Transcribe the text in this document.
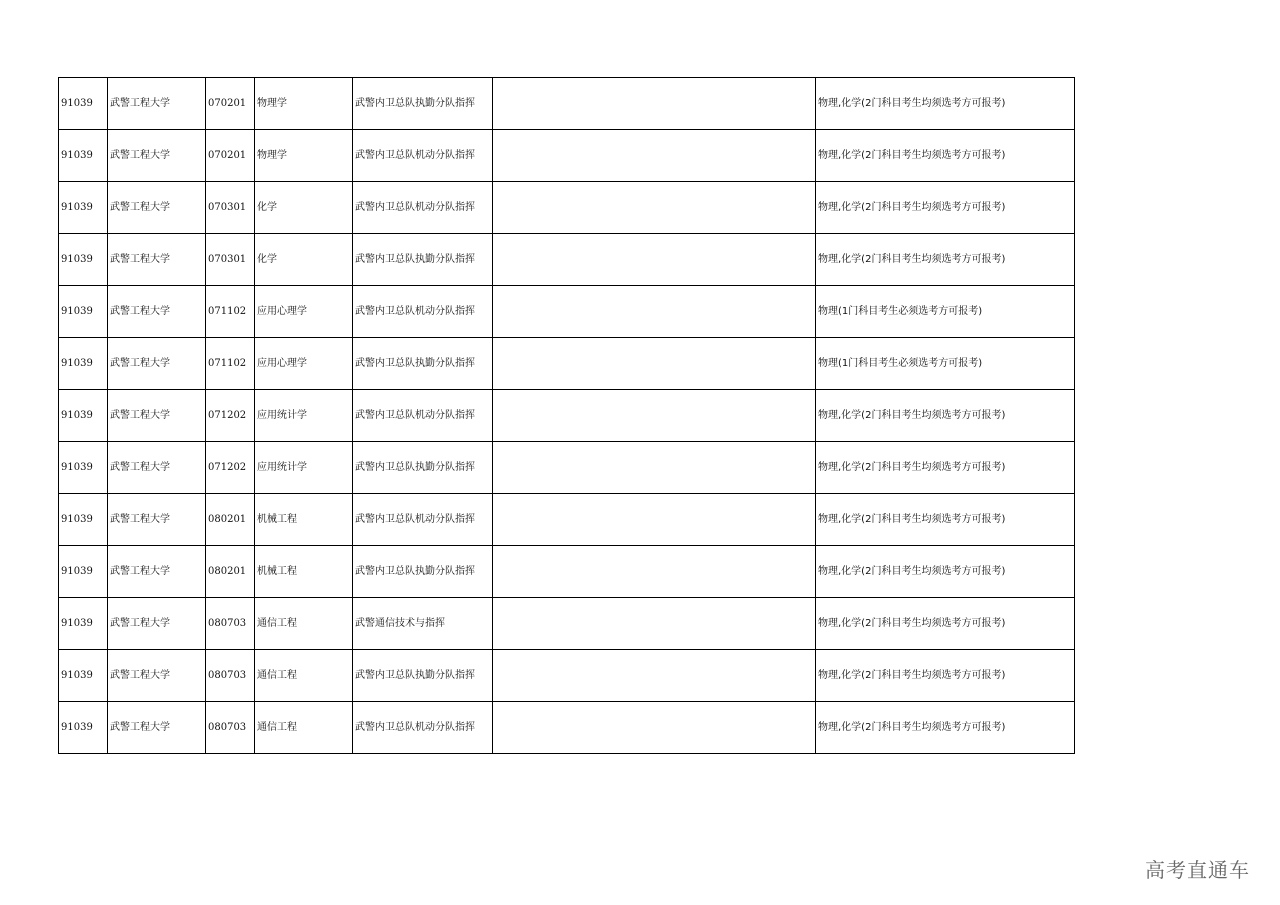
91039	武警工程大学	070201	物理学	武警内卫总队执勤分队指挥		物理,化学(2门科目考生均须选考方可报考)
91039	武警工程大学	070201	物理学	武警内卫总队机动分队指挥		物理,化学(2门科目考生均须选考方可报考)
91039	武警工程大学	070301	化学	武警内卫总队机动分队指挥		物理,化学(2门科目考生均须选考方可报考)
91039	武警工程大学	070301	化学	武警内卫总队执勤分队指挥		物理,化学(2门科目考生均须选考方可报考)
91039	武警工程大学	071102	应用心理学	武警内卫总队机动分队指挥		物理(1门科目考生必须选考方可报考)
91039	武警工程大学	071102	应用心理学	武警内卫总队执勤分队指挥		物理(1门科目考生必须选考方可报考)
91039	武警工程大学	071202	应用统计学	武警内卫总队机动分队指挥		物理,化学(2门科目考生均须选考方可报考)
91039	武警工程大学	071202	应用统计学	武警内卫总队执勤分队指挥		物理,化学(2门科目考生均须选考方可报考)
91039	武警工程大学	080201	机械工程	武警内卫总队机动分队指挥		物理,化学(2门科目考生均须选考方可报考)
91039	武警工程大学	080201	机械工程	武警内卫总队执勤分队指挥		物理,化学(2门科目考生均须选考方可报考)
91039	武警工程大学	080703	通信工程	武警通信技术与指挥		物理,化学(2门科目考生均须选考方可报考)
91039	武警工程大学	080703	通信工程	武警内卫总队执勤分队指挥		物理,化学(2门科目考生均须选考方可报考)
91039	武警工程大学	080703	通信工程	武警内卫总队机动分队指挥		物理,化学(2门科目考生均须选考方可报考)
高考直通车
